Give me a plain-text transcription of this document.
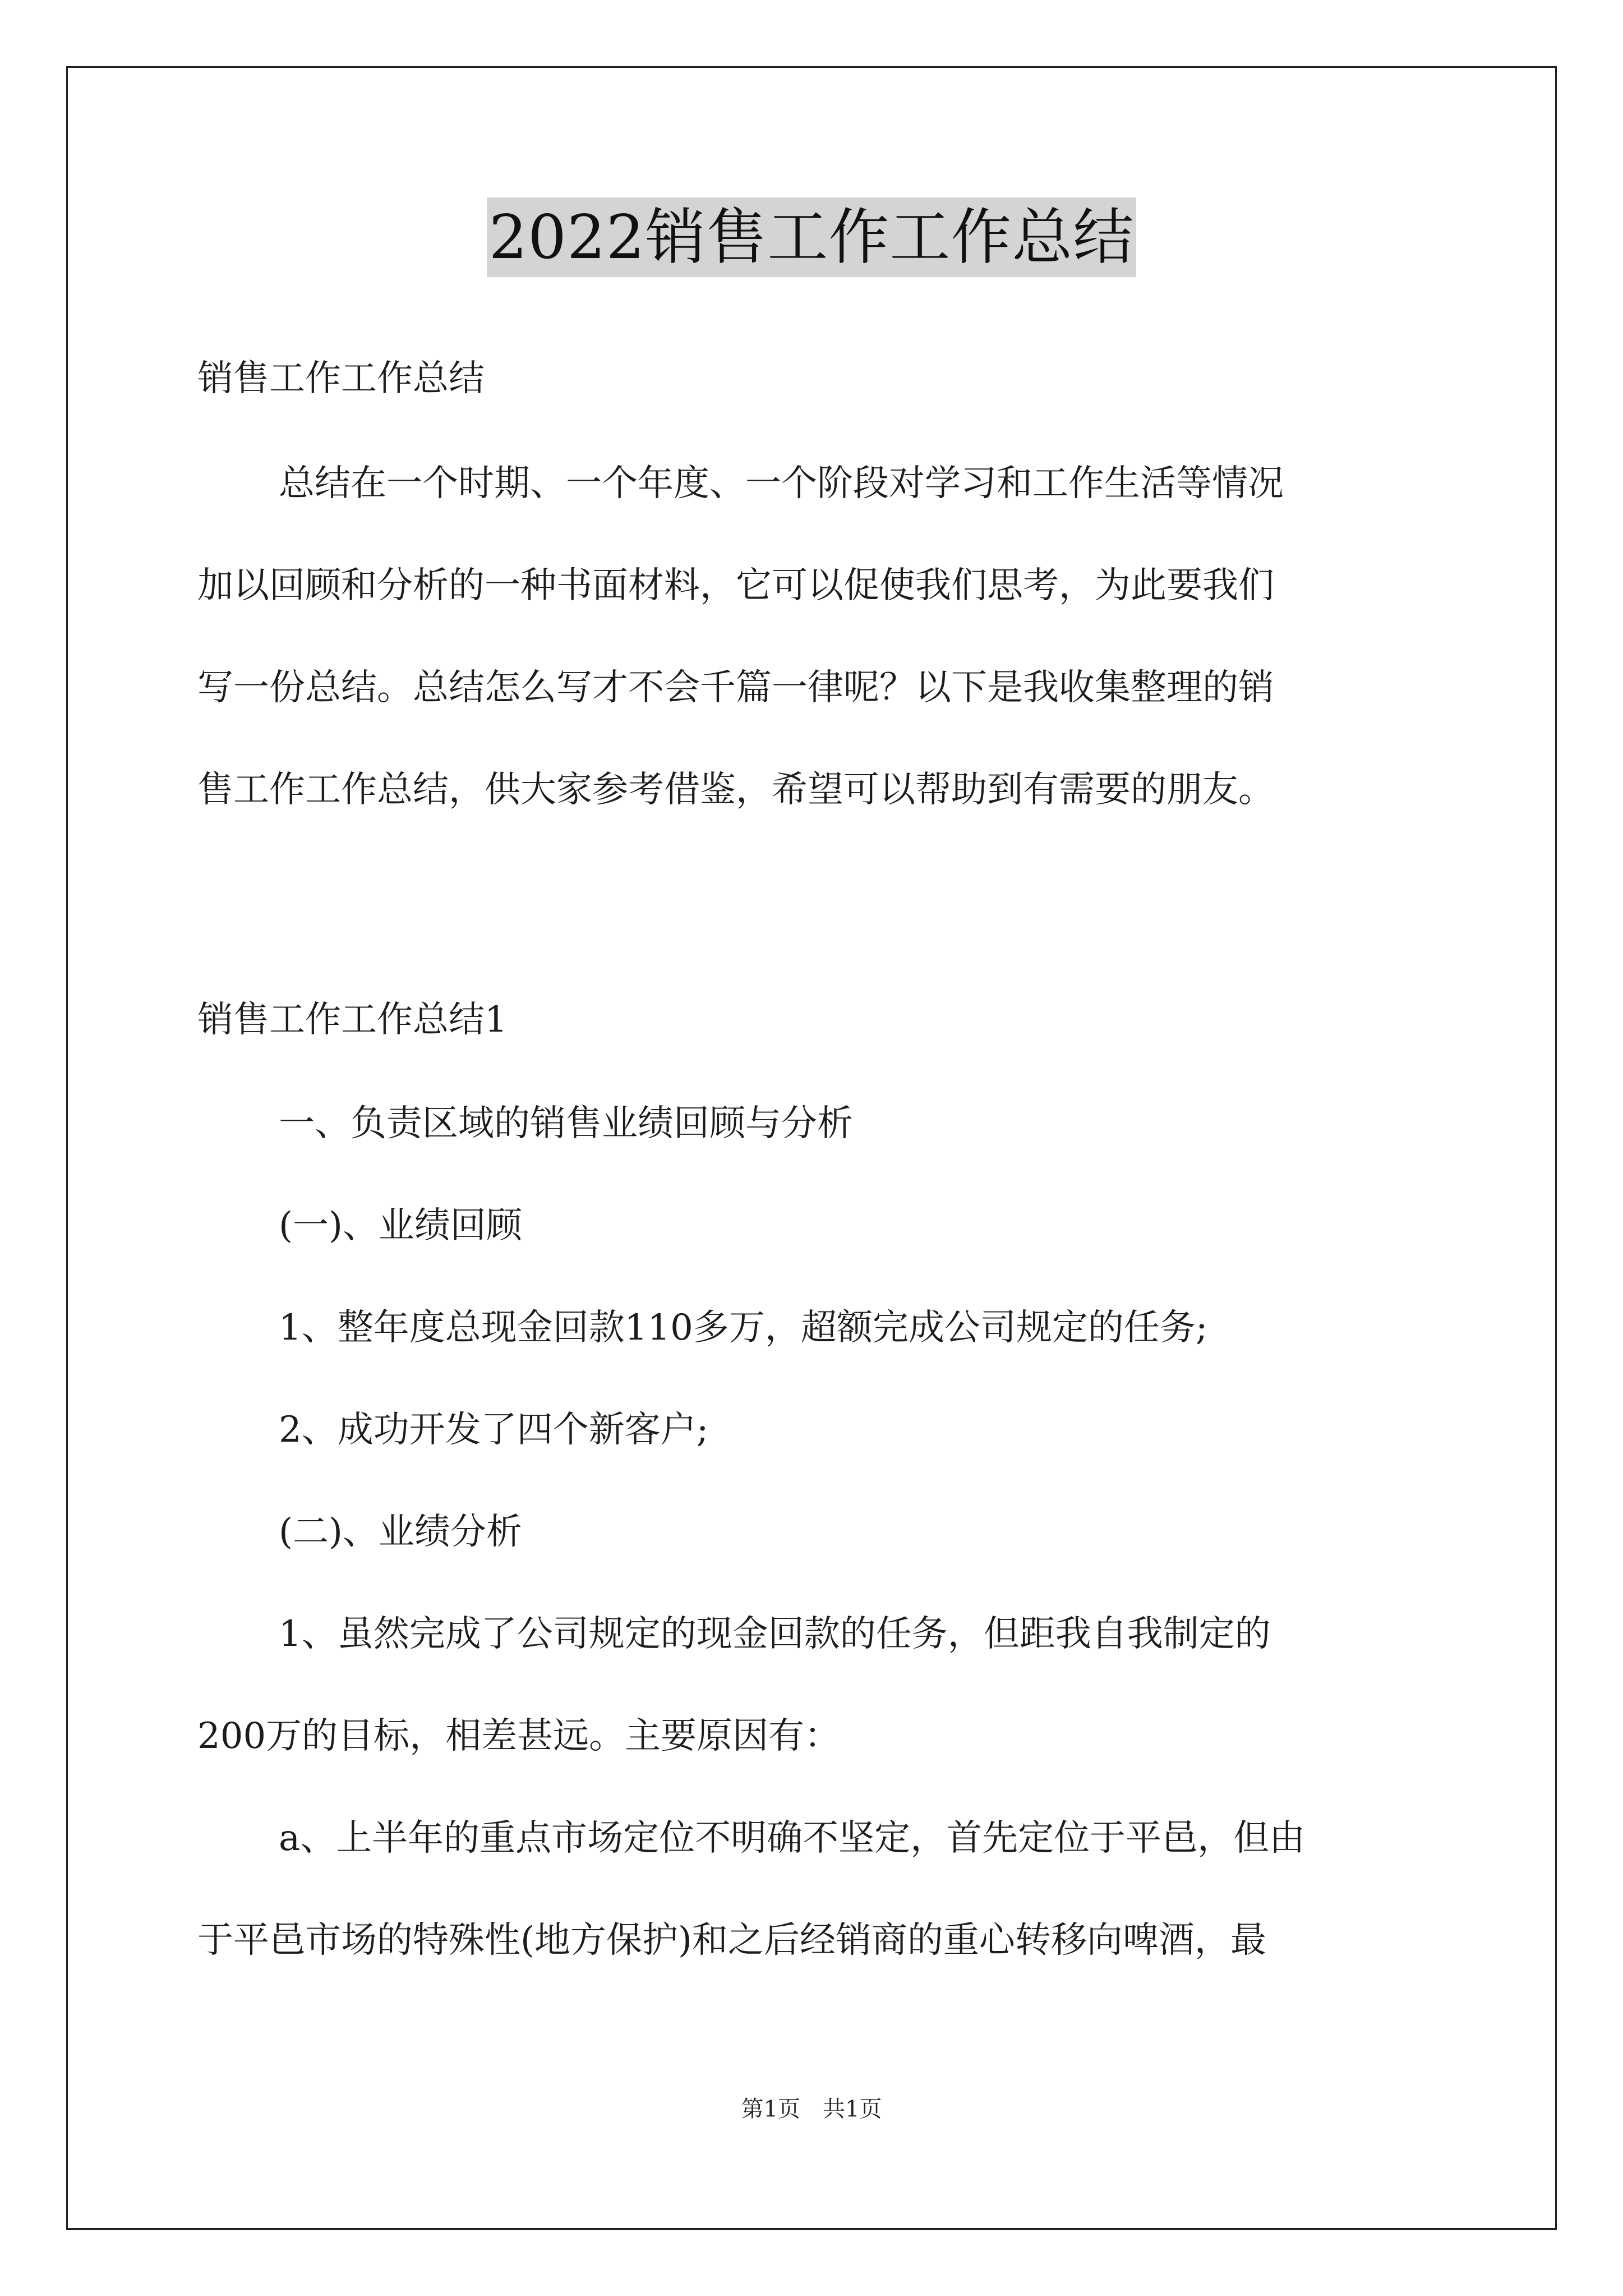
2022销售工作工作总结
销售工作工作总结
总结在一个时期、一个年度、一个阶段对学习和工作生活等情况
加以回顾和分析的一种书面材料，它可以促使我们思考，为此要我们
写一份总结。总结怎么写才不会千篇一律呢？以下是我收集整理的销
售工作工作总结，供大家参考借鉴，希望可以帮助到有需要的朋友。
销售工作工作总结1
一、负责区域的销售业绩回顾与分析
(一)、业绩回顾
1、整年度总现金回款110多万，超额完成公司规定的任务;
2、成功开发了四个新客户;
(二)、业绩分析
1、虽然完成了公司规定的现金回款的任务，但距我自我制定的
200万的目标，相差甚远。主要原因有：
a、上半年的重点市场定位不明确不坚定，首先定位于平邑，但由
于平邑市场的特殊性(地方保护)和之后经销商的重心转移向啤酒，最
第1页 共1页
